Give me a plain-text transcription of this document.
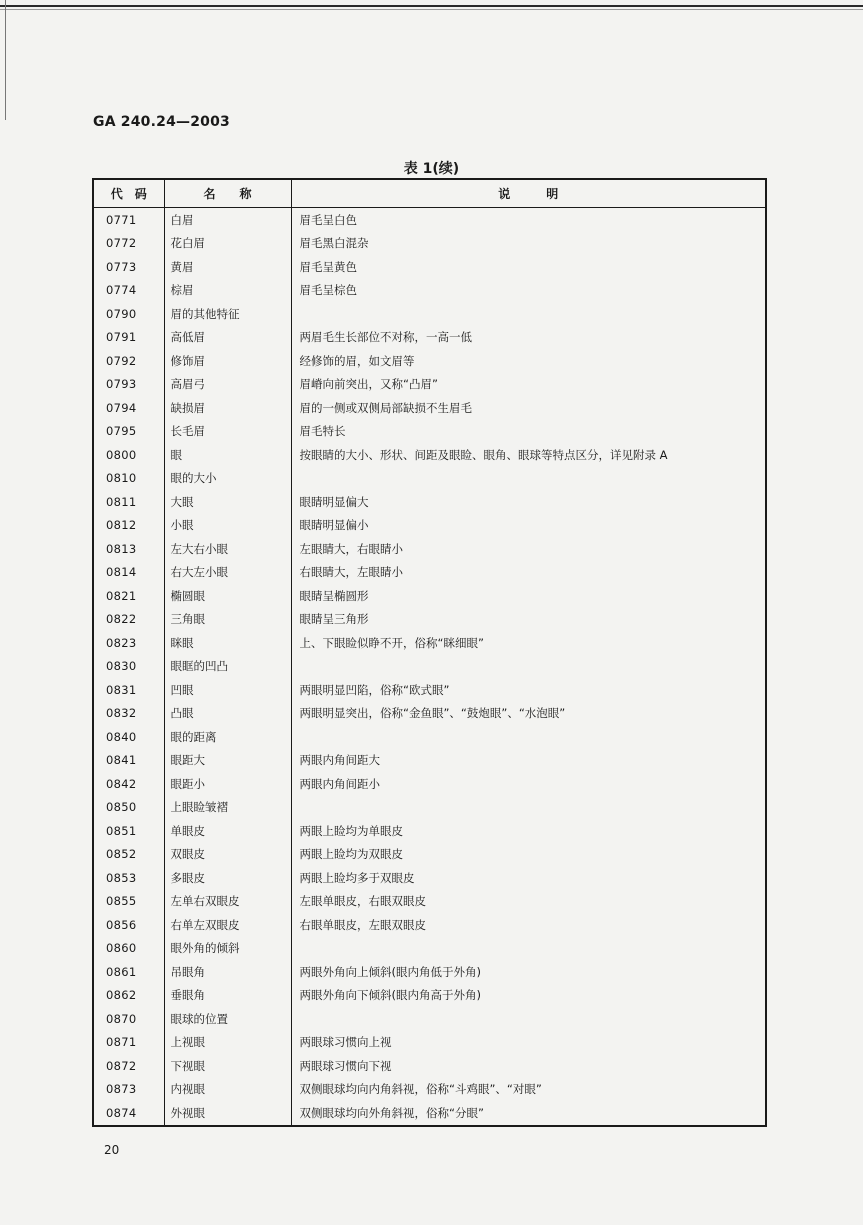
GA 240.24—2003
表 1(续)
代　码	名　　称	说　　　明
0771	白眉	眉毛呈白色
0772	花白眉	眉毛黑白混杂
0773	黄眉	眉毛呈黄色
0774	棕眉	眉毛呈棕色
0790	眉的其他特征	
0791	高低眉	两眉毛生长部位不对称，一高一低
0792	修饰眉	经修饰的眉，如文眉等
0793	高眉弓	眉嵴向前突出，又称“凸眉”
0794	缺损眉	眉的一侧或双侧局部缺损不生眉毛
0795	长毛眉	眉毛特长
0800	眼	按眼睛的大小、形状、间距及眼睑、眼角、眼球等特点区分，详见附录 A
0810	眼的大小	
0811	大眼	眼睛明显偏大
0812	小眼	眼睛明显偏小
0813	左大右小眼	左眼睛大，右眼睛小
0814	右大左小眼	右眼睛大，左眼睛小
0821	椭圆眼	眼睛呈椭圆形
0822	三角眼	眼睛呈三角形
0823	眯眼	上、下眼睑似睁不开，俗称“眯细眼”
0830	眼眶的凹凸	
0831	凹眼	两眼明显凹陷，俗称“欧式眼”
0832	凸眼	两眼明显突出，俗称“金鱼眼”、“鼓炮眼”、“水泡眼”
0840	眼的距离	
0841	眼距大	两眼内角间距大
0842	眼距小	两眼内角间距小
0850	上眼睑皱褶	
0851	单眼皮	两眼上睑均为单眼皮
0852	双眼皮	两眼上睑均为双眼皮
0853	多眼皮	两眼上睑均多于双眼皮
0855	左单右双眼皮	左眼单眼皮，右眼双眼皮
0856	右单左双眼皮	右眼单眼皮，左眼双眼皮
0860	眼外角的倾斜	
0861	吊眼角	两眼外角向上倾斜(眼内角低于外角)
0862	垂眼角	两眼外角向下倾斜(眼内角高于外角)
0870	眼球的位置	
0871	上视眼	两眼球习惯向上视
0872	下视眼	两眼球习惯向下视
0873	内视眼	双侧眼球均向内角斜视，俗称“斗鸡眼”、“对眼”
0874	外视眼	双侧眼球均向外角斜视，俗称“分眼”
20
